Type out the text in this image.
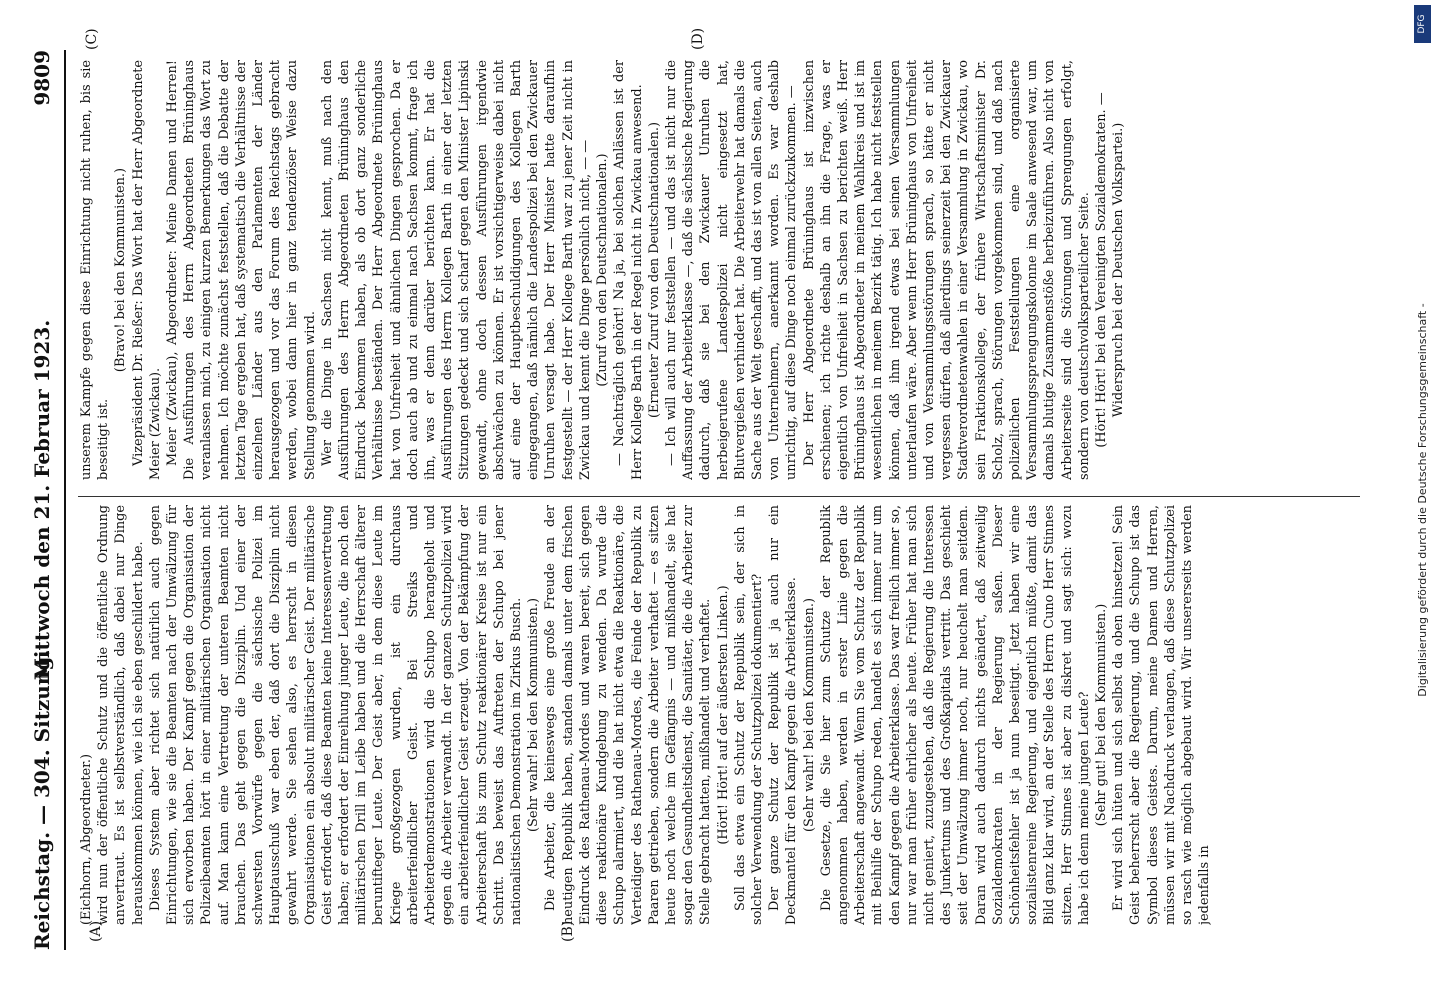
Reichstag. — 304. Sitzung.
Mittwoch den 21. Februar 1923.
9809
(A)	(B)
(C)	(D)

(Eichhorn, Abgeordneter.) wird nun der öffentliche Schutz und die öffentliche Ordnung anvertraut. Es ist selbstverständlich, daß dabei nur Dinge herauskommen können, wie ich sie eben geschildert habe. Dieses System aber richtet sich natürlich auch gegen Einrichtungen, wie sie die Beamten nach der Umwälzung für sich erworben haben. Der Kampf gegen die Organisation der Polizeibeamten hört in einer militärischen Organisation nicht auf. Man kann eine Vertretung der unteren Beamten nicht brauchen. Das geht gegen die Disziplin. Und einer der schwersten Vorwürfe gegen die sächsische Polizei im Hauptausschuß war eben der, daß dort die Disziplin nicht gewahrt werde. Sie sehen also, es herrscht in diesen Organisationen ein absolut militärischer Geist. Der militärische Geist erfordert, daß diese Beamten keine Interessenvertretung haben; er erfordert der Einreihung junger Leute, die noch den militärischen Drill im Leibe haben und die Herrschaft älterer beruntifteger Leute. Der Geist aber, in dem diese Leute im Kriege großgezogen wurden, ist ein durchaus arbeiterfeindlicher Geist. Bei Streiks und Arbeiterdemonstrationen wird die Schupo herangeholt und gegen die Arbeiter verwandt. In der ganzen Schutzpolizei wird ein arbeiterfeindlicher Geist erzeugt. Von der Bekämpfung der Arbeiterschaft bis zum Schutz reaktionärer Kreise ist nur ein Schritt. Das beweist das Auftreten der Schupo bei jener nationalistischen Demonstration im Zirkus Busch. (Sehr wahr! bei den Kommunisten.) Die Arbeiter, die keineswegs eine große Freude an der heutigen Republik haben, standen damals unter dem frischen Eindruck des Rathenau-Mordes und waren bereit, sich gegen diese reaktionäre Kundgebung zu wenden. Da wurde die Schupo alarmiert, und die hat nicht etwa die Reaktionäre, die Verteidiger des Rathenau-Mordes, die Feinde der Republik zu Paaren getrieben, sondern die Arbeiter verhaftet — es sitzen heute noch welche im Gefängnis — und mißhandelt, sie hat sogar den Gesundheitsdienst, die Sanitäter, die die Arbeiter zur Stelle gebracht hatten, mißhandelt und verhaftet. (Hört! Hört! auf der äußersten Linken.) Soll das etwa ein Schutz der Republik sein, der sich in solcher Verwendung der Schutzpolizei dokumentiert? Der ganze Schutz der Republik ist ja auch nur ein Deckmantel für den Kampf gegen die Arbeiterklasse. (Sehr wahr! bei den Kommunisten.) Die Gesetze, die Sie hier zum Schutze der Republik angenommen haben, werden in erster Linie gegen die Arbeiterschaft angewandt. Wenn Sie vom Schutz der Republik mit Beihilfe der Schupo reden, handelt es sich immer nur um den Kampf gegen die Arbeiterklasse. Das war freilich immer so, nur war man früher ehrlicher als heute. Früher hat man sich nicht geniert, zuzugestehen, daß die Regierung die Interessen des Junkertums und des Großkapitals vertritt. Das geschieht seit der Umwälzung immer noch, nur heuchelt man seitdem. Daran wird auch dadurch nichts geändert, daß zeitweilig Sozialdemokraten in der Regierung saßen. Dieser Schönheitsfehler ist ja nun beseitigt. Jetzt haben wir eine sozialistenreine Regierung, und eigentlich müßte, damit das Bild ganz klar wird, an der Stelle des Herrn Cuno Herr Stinnes sitzen. Herr Stinnes ist aber zu diskret und sagt sich: wozu habe ich denn meine jungen Leute? (Sehr gut! bei den Kommunisten.) Er wird sich hüten und sich selbst da oben hinsetzen! Sein Geist beherrscht aber die Regierung, und die Schupo ist das Symbol dieses Geistes. Darum, meine Damen und Herren, müssen wir mit Nachdruck verlangen, daß diese Schutzpolizei so rasch wie möglich abgebaut wird. Wir unsererseits werden jedenfalls in

unserem Kampfe gegen diese Einrichtung nicht ruhen, bis sie beseitigt ist.

(Bravo! bei den Kommunisten.) Vizepräsident Dr. Rießer: Das Wort hat der Herr Abgeordnete Meier (Zwickau). Meier (Zwickau), Abgeordneter: Meine Damen und Herren! Die Ausführungen des Herrn Abgeordneten Brüninghaus veranlassen mich, zu einigen kurzen Bemerkungen das Wort zu nehmen. Ich möchte zunächst feststellen, daß die Debatte der letzten Tage ergeben hat, daß systematisch die Verhältnisse der einzelnen Länder aus den Parlamenten der Länder herausgezogen und vor das Forum des Reichstags gebracht werden, wobei dann hier in ganz tendenziöser Weise dazu Stellung genommen wird. Wer die Dinge in Sachsen nicht kennt, muß nach den Ausführungen des Herrn Abgeordneten Brüninghaus den Eindruck bekommen haben, als ob dort ganz sonderliche Verhältnisse beständen. Der Herr Abgeordnete Brüninghaus hat von Unfreiheit und ähnlichen Dingen gesprochen. Da er doch auch ab und zu einmal nach Sachsen kommt, frage ich ihn, was er denn darüber berichten kann. Er hat die Ausführungen des Herrn Kollegen Barth in einer der letzten Sitzungen gedeckt und sich scharf gegen den Minister Lipinski gewandt, ohne doch dessen Ausführungen irgendwie abschwächen zu können. Er ist vorsichtigerweise dabei nicht auf eine der Hauptbeschuldigungen des Kollegen Barth eingegangen, daß nämlich die Landespolizei bei den Zwickauer Unruhen versagt habe. Der Herr Minister hatte daraufhin festgestellt — der Herr Kollege Barth war zu jener Zeit nicht in Zwickau und kennt die Dinge persönlich nicht, — — (Zuruf von den Deutschnationalen.) — Nachträglich gehört! Na ja, bei solchen Anlässen ist der Herr Kollege Barth in der Regel nicht in Zwickau anwesend. (Erneuter Zuruf von den Deutschnationalen.) — Ich will auch nur feststellen — und das ist nicht nur die Auffassung der Arbeiterklasse —, daß die sächsische Regierung dadurch, daß sie bei den Zwickauer Unruhen die herbeigerufene Landespolizei nicht eingesetzt hat, Blutvergießen verhindert hat. Die Arbeiterwehr hat damals die Sache aus der Welt geschafft, und das ist von allen Seiten, auch von Unternehmern, anerkannt worden. Es war deshalb unrichtig, auf diese Dinge noch einmal zurückzukommen. — Der Herr Abgeordnete Brüninghaus ist inzwischen erschienen; ich richte deshalb an ihn die Frage, was er eigentlich von Unfreiheit in Sachsen zu berichten weiß. Herr Brüninghaus ist Abgeordneter in meinem Wahlkreis und ist im wesentlichen in meinem Bezirk tätig. Ich habe nicht feststellen können, daß ihm irgend etwas bei seinen Versammlungen unterlaufen wäre. Aber wenn Herr Brüninghaus von Unfreiheit und von Versammlungsstörungen sprach, so hätte er nicht vergessen dürfen, daß allerdings seinerzeit bei den Zwickauer Stadtverordnetenwahlen in einer Versammlung in Zwickau, wo sein Fraktionskollege, der frühere Wirtschaftsminister Dr. Scholz, sprach, Störungen vorgekommen sind, und daß nach polizeilichen Feststellungen eine organisierte Versammlungssprengungskolonne im Saale anwesend war, um damals blutige Zusammenstöße herbeizuführen. Also nicht von Arbeiterseite sind die Störungen und Sprengungen erfolgt, sondern von deutschvolksparteilicher Seite. (Hört! Hört! bei den Vereinigten Sozialdemokraten. — Widerspruch bei der Deutschen Volkspartei.)

Digitalisierung gefördert durch die Deutsche Forschungsgemeinschaft -
DFG
